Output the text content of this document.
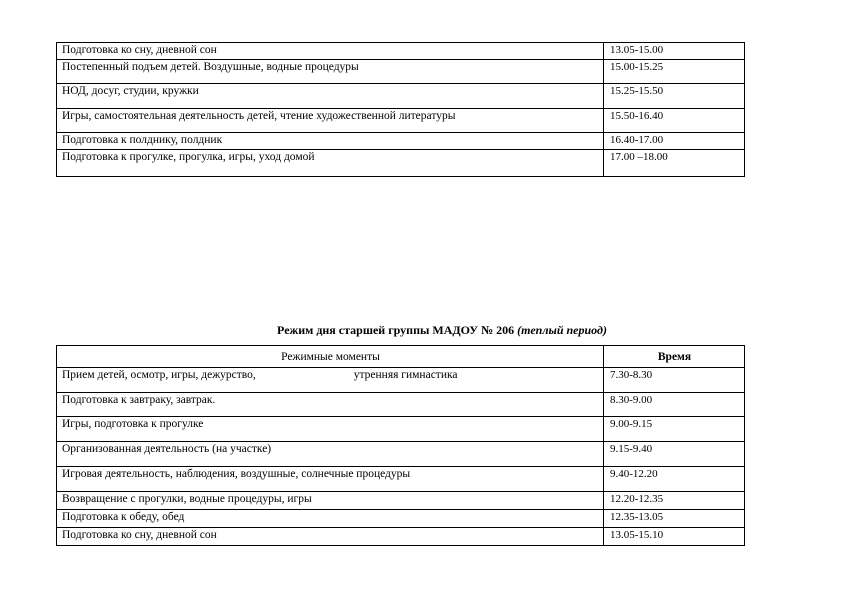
Подготовка ко сну, дневной сон	13.05-15.00
Постепенный подъем детей. Воздушные, водные процедуры	15.00-15.25
НОД, досуг, студии, кружки	15.25-15.50
Игры, самостоятельная деятельность детей, чтение художественной литературы	15.50-16.40
Подготовка к полднику, полдник	16.40-17.00
Подготовка к прогулке, прогулка, игры, уход домой	17.00 –18.00
Режим дня старшей группы МАДОУ № 206 (теплый период)
Режимные моменты	Время
Прием детей, осмотр, игры, дежурство, утренняя гимнастика	7.30-8.30
Подготовка к завтраку, завтрак.	8.30-9.00
Игры, подготовка к прогулке	9.00-9.15
Организованная деятельность (на участке)	9.15-9.40
Игровая деятельность, наблюдения, воздушные, солнечные процедуры	9.40-12.20
Возвращение с прогулки, водные процедуры, игры	12.20-12.35
Подготовка к обеду, обед	12.35-13.05
Подготовка ко сну, дневной сон	13.05-15.10
